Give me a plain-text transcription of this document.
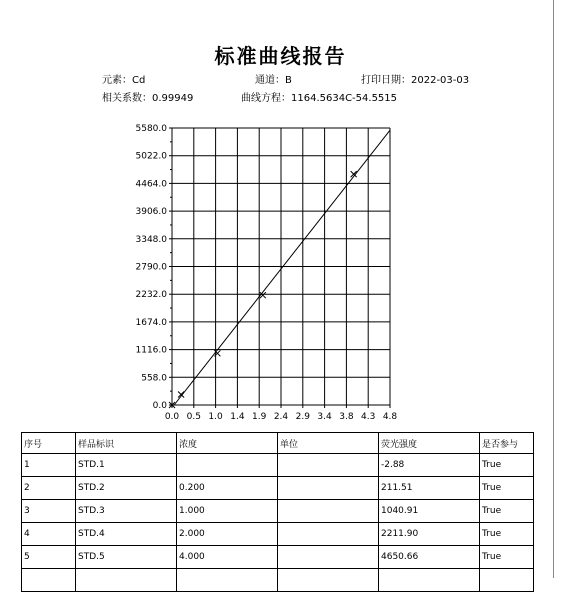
标准曲线报告
元素：Cd	通道：B	打印日期：2022-03-03
相关系数：0.99949	曲线方程：1164.5634C-54.5515
0.0 0.5 1.0 1.4 1.9 2.4 2.9 3.4 3.8 4.3 4.8
0.0
558.0
1116.0
1674.0
2232.0
2790.0
3348.0
3906.0
4464.0
5022.0
5580.0
序号	样品标识	浓度	单位	荧光强度	是否参与
1	STD.1			-2.88	True
2	STD.2	0.200		211.51	True
3	STD.3	1.000		1040.91	True
4	STD.4	2.000		2211.90	True
5	STD.5	4.000		4650.66	True
